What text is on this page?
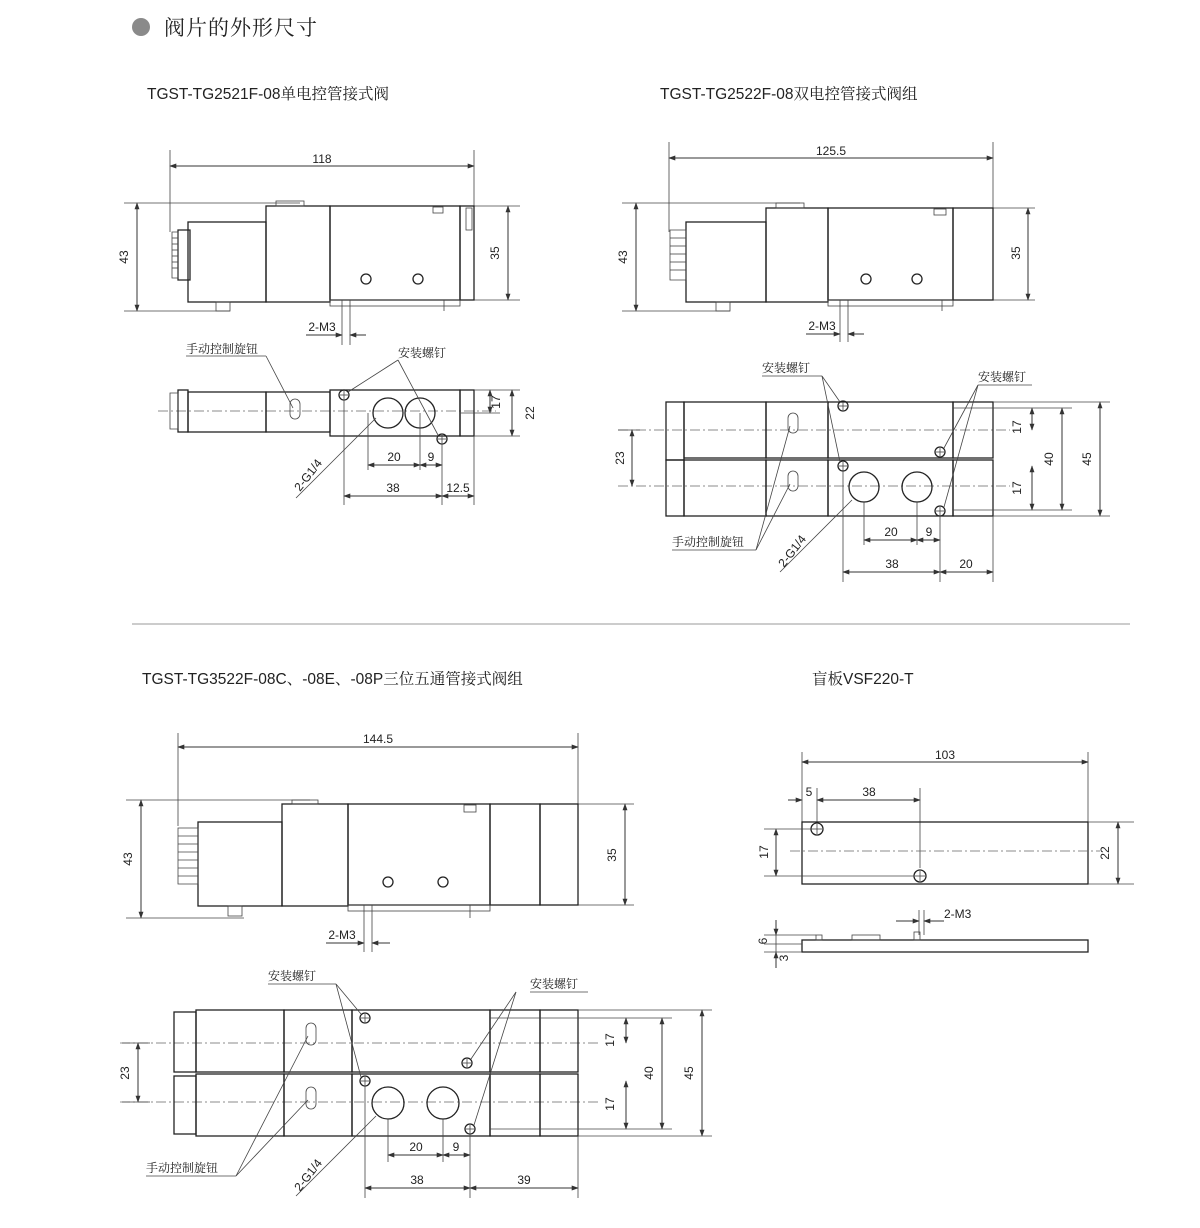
阀片的外形尺寸
TGST-TG2521F-08单电控管接式阀	TGST-TG2522F-08双电控管接式阀组
TGST-TG3522F-08C、-08E、-08P三位五通管接式阀组	盲板VSF220-T
118
43	35
2-M3
手动控制旋钮	安装螺钉
17
22
20 9
38	12.5
2-G1/4
125.5
43	35
2-M3
安装螺钉
安装螺钉
手动控制旋钮
23
17
17
40 45
20 9
38	20
2-G1/4
144.5
43	35
2-M3
安装螺钉
安装螺钉
手动控制旋钮
23
17
17
40 45
20 9
38	39
2-G1/4
103
5	38
17	22
2-M3
6
3
